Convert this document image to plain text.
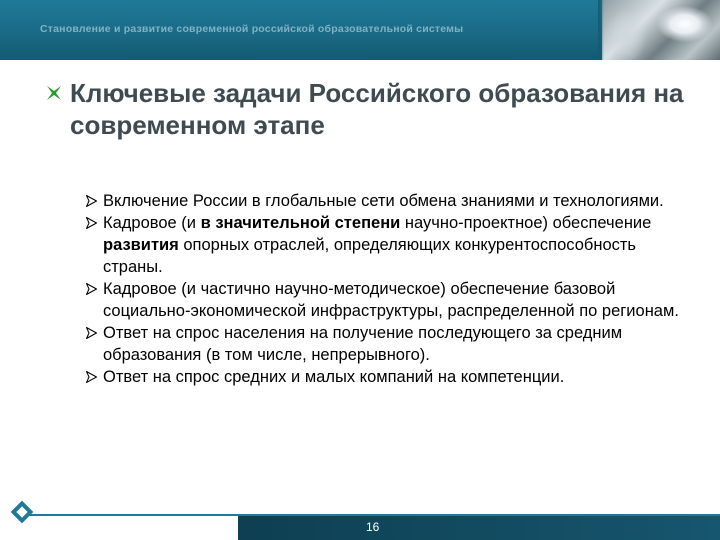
Становление и развитие современной российской образовательной системы
Ключевые задачи Российского образования на современном этапе
Включение России в глобальные сети обмена знаниями и технологиями.
Кадровое (и в значительной степени научно-проектное) обеспечение развития опорных отраслей, определяющих конкурентоспособность страны.
Кадровое (и частично научно-методическое) обеспечение базовой социально-экономической инфраструктуры, распределенной по регионам.
Ответ на спрос населения на получение последующего за средним образования (в том числе, непрерывного).
Ответ на спрос средних и малых компаний на компетенции.
16
